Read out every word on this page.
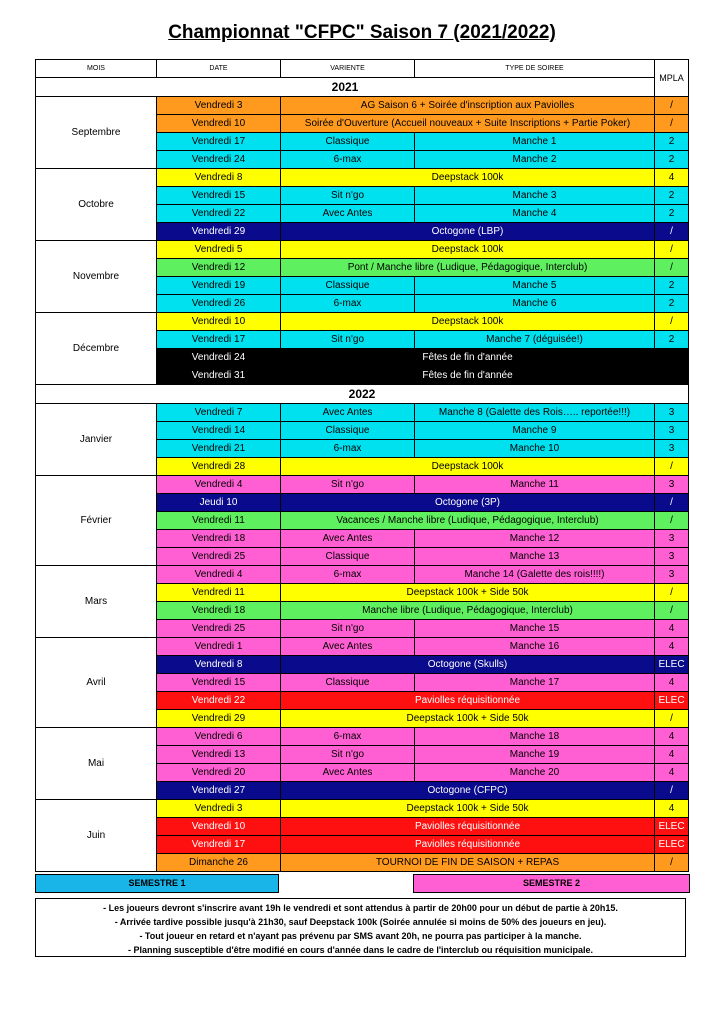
Championnat "CFPC" Saison 7 (2021/2022)
MOIS	DATE	VARIENTE	TYPE DE SOIREE	MPLA
2021				
Septembre	Vendredi 3	AG Saison 6 + Soirée d'inscription aux Paviolles		/
	Vendredi 10	Soirée d'Ouverture (Accueil nouveaux + Suite Inscriptions + Partie Poker)		/
	Vendredi 17	Classique	Manche 1	2
	Vendredi 24	6-max	Manche 2	2
Octobre	Vendredi 8	Deepstack 100k		4
	Vendredi 15	Sit n'go	Manche 3	2
	Vendredi 22	Avec Antes	Manche 4	2
	Vendredi 29	Octogone (LBP)		/
Novembre	Vendredi 5	Deepstack 100k		/
	Vendredi 12	Pont / Manche libre (Ludique, Pédagogique, Interclub)		/
	Vendredi 19	Classique	Manche 5	2
	Vendredi 26	6-max	Manche 6	2
Décembre	Vendredi 10	Deepstack 100k		/
	Vendredi 17	Sit n'go	Manche 7 (déguisée!)	2
	Vendredi 24	Fêtes de fin d'année		
	Vendredi 31	Fêtes de fin d'année		
2022				
Janvier	Vendredi 7	Avec Antes	Manche 8 (Galette des Rois….. reportée!!!)	3
	Vendredi 14	Classique	Manche 9	3
	Vendredi 21	6-max	Manche 10	3
	Vendredi 28	Deepstack 100k		/
Février	Vendredi 4	Sit n'go	Manche 11	3
	Jeudi 10	Octogone (3P)		/
	Vendredi 11	Vacances / Manche libre (Ludique, Pédagogique, Interclub)		/
	Vendredi 18	Avec Antes	Manche 12	3
	Vendredi 25	Classique	Manche 13	3
Mars	Vendredi 4	6-max	Manche 14 (Galette des rois!!!!)	3
	Vendredi 11	Deepstack 100k + Side 50k		/
	Vendredi 18	Manche libre (Ludique, Pédagogique, Interclub)		/
	Vendredi 25	Sit n'go	Manche 15	4
Avril	Vendredi 1	Avec Antes	Manche 16	4
	Vendredi 8	Octogone (Skulls)		ELEC
	Vendredi 15	Classique	Manche 17	4
	Vendredi 22	Paviolles réquisitionnée		ELEC
	Vendredi 29	Deepstack 100k + Side 50k		/
Mai	Vendredi 6	6-max	Manche 18	4
	Vendredi 13	Sit n'go	Manche 19	4
	Vendredi 20	Avec Antes	Manche 20	4
	Vendredi 27	Octogone (CFPC)		/
Juin	Vendredi 3	Deepstack 100k + Side 50k		4
	Vendredi 10	Paviolles réquisitionnée		ELEC
	Vendredi 17	Paviolles réquisitionnée		ELEC
	Dimanche 26	TOURNOI DE FIN DE SAISON + REPAS		/
SEMESTRE 1	SEMESTRE 2
- Les joueurs devront s'inscrire avant 19h le vendredi et sont attendus à partir de 20h00 pour un début de partie à 20h15.
- Arrivée tardive possible jusqu'à 21h30, sauf Deepstack 100k (Soirée annulée si moins de 50% des joueurs en jeu).
- Tout joueur en retard et n'ayant pas prévenu par SMS avant 20h, ne pourra pas participer à la manche.
- Planning susceptible d'être modifié en cours d'année dans le cadre de l'interclub ou réquisition municipale.
